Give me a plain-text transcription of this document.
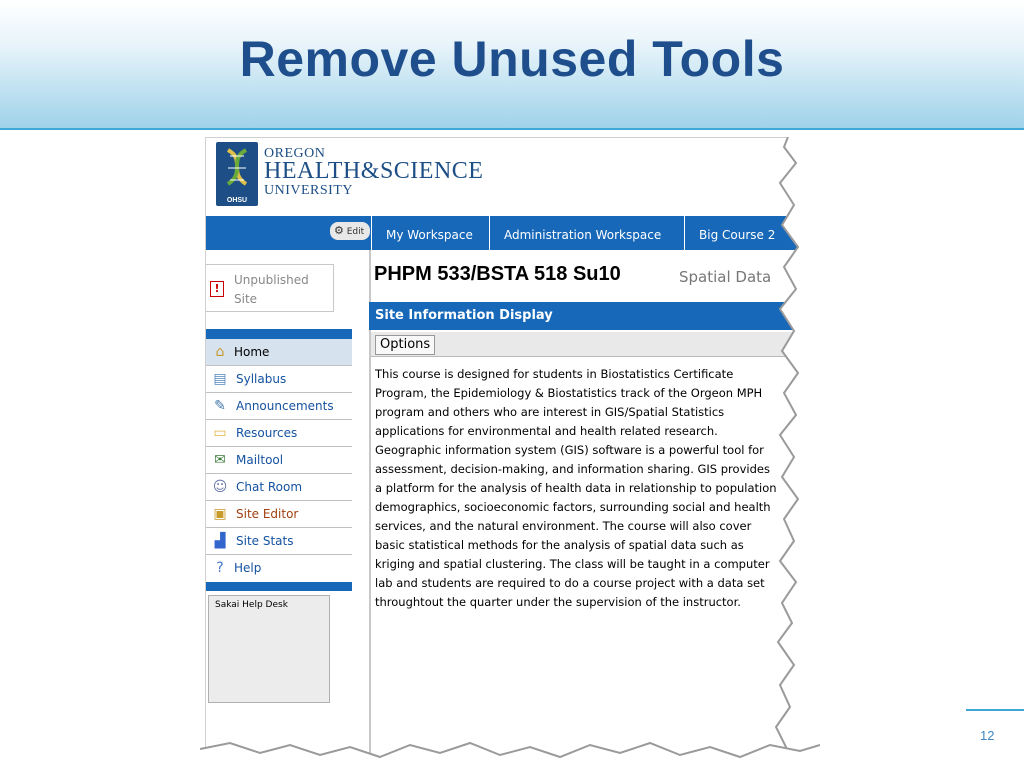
Remove Unused Tools
OHSU
OREGON
HEALTH&SCIENCE
UNIVERSITY
⚙ Edit	My Workspace	Administration Workspace	Big Course 2
!
Unpublished Site
⌂ Home
▤ Syllabus
✎ Announcements
▭ Resources
✉ Mailtool
☺ Chat Room
▣ Site Editor
▟ Site Stats
? Help
Sakai Help Desk
PHPM 533/BSTA 518 Su10	Spatial Data
Site Information Display
Options
This course is designed for students in Biostatistics Certificate
Program, the Epidemiology & Biostatistics track of the Orgeon MPH
program and others who are interest in GIS/Spatial Statistics
applications for environmental and health related research.
Geographic information system (GIS) software is a powerful tool for
assessment, decision-making, and information sharing. GIS provides
a platform for the analysis of health data in relationship to population
demographics, socioeconomic factors, surrounding social and health
services, and the natural environment. The course will also cover
basic statistical methods for the analysis of spatial data such as
kriging and spatial clustering. The class will be taught in a computer
lab and students are required to do a course project with a data set
throughtout the quarter under the supervision of the instructor.
12
